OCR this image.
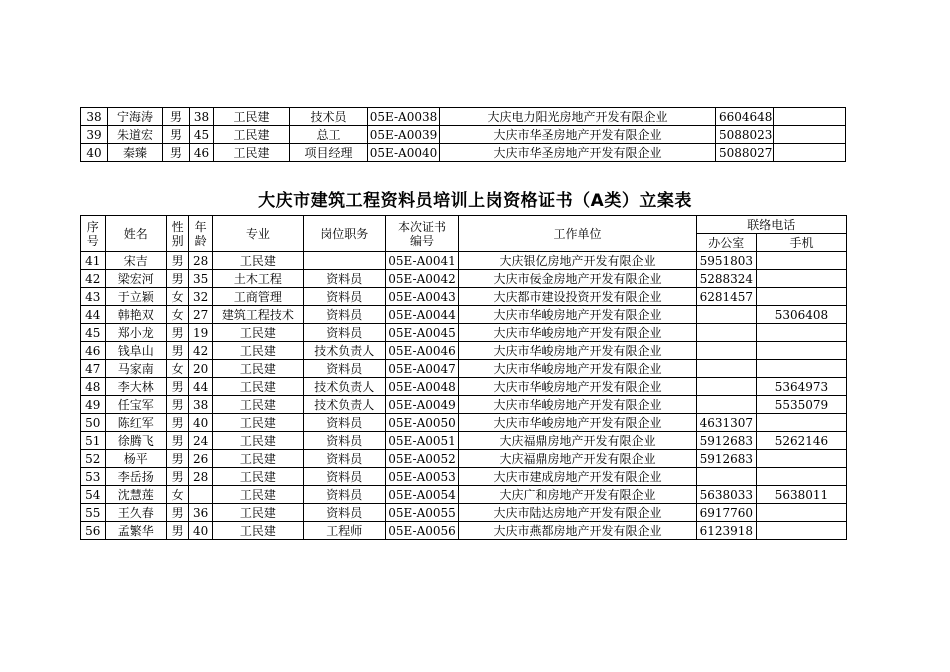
38	宁海涛	男	38	工民建	技术员	05E-A0038	大庆电力阳光房地产开发有限企业	6604648	
39	朱道宏	男	45	工民建	总工	05E-A0039	大庆市华圣房地产开发有限企业	5088023	
40	秦臻	男	46	工民建	项目经理	05E-A0040	大庆市华圣房地产开发有限企业	5088027	
大庆市建筑工程资料员培训上岗资格证书（A类）立案表
序号	姓名	性别	年龄	专业	岗位职务	本次证书编号	工作单位	联络电话	
								办公室	手机
41	宋吉	男	28	工民建		05E-A0041	大庆银亿房地产开发有限企业	5951803	
42	梁宏河	男	35	土木工程	资料员	05E-A0042	大庆市佞金房地产开发有限企业	5288324	
43	于立颖	女	32	工商管理	资料员	05E-A0043	大庆都市建设投资开发有限企业	6281457	
44	韩艳双	女	27	建筑工程技术	资料员	05E-A0044	大庆市华峻房地产开发有限企业		5306408
45	郑小龙	男	19	工民建	资料员	05E-A0045	大庆市华峻房地产开发有限企业		
46	钱阜山	男	42	工民建	技术负责人	05E-A0046	大庆市华峻房地产开发有限企业		
47	马家南	女	20	工民建	资料员	05E-A0047	大庆市华峻房地产开发有限企业		
48	李大林	男	44	工民建	技术负责人	05E-A0048	大庆市华峻房地产开发有限企业		5364973
49	任宝军	男	38	工民建	技术负责人	05E-A0049	大庆市华峻房地产开发有限企业		5535079
50	陈红军	男	40	工民建	资料员	05E-A0050	大庆市华峻房地产开发有限企业	4631307	
51	徐腾飞	男	24	工民建	资料员	05E-A0051	大庆福鼎房地产开发有限企业	5912683	5262146
52	杨平	男	26	工民建	资料员	05E-A0052	大庆福鼎房地产开发有限企业	5912683	
53	李岳扬	男	28	工民建	资料员	05E-A0053	大庆市建成房地产开发有限企业		
54	沈慧莲	女		工民建	资料员	05E-A0054	大庆广和房地产开发有限企业	5638033	5638011
55	王久春	男	36	工民建	资料员	05E-A0055	大庆市陆达房地产开发有限企业	6917760	
56	孟繁华	男	40	工民建	工程师	05E-A0056	大庆市燕都房地产开发有限企业	6123918	
